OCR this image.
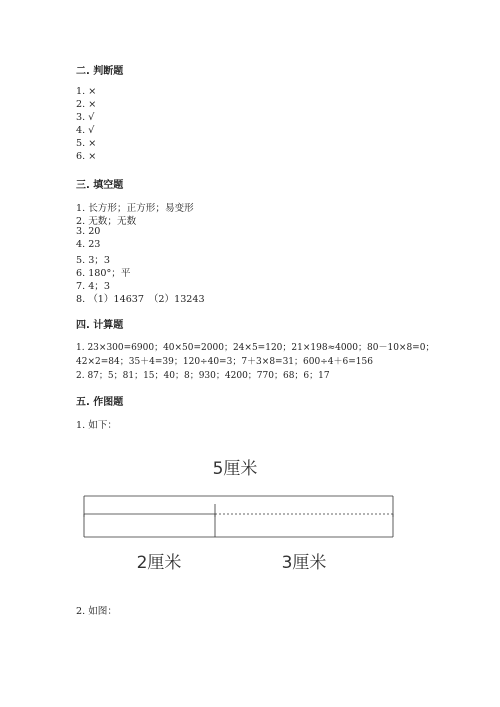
二. 判断题
1. ×
2. ×
3. √
4. √
5. ×
6. ×
三. 填空题
1. 长方形；正方形；易变形
2. 无数；无数
3. 20
4. 23
5. 3；3
6. 180°；平
7. 4；3
8. （1）14637　（2）13243
四. 计算题
1. 23×300=6900；40×50=2000；24×5=120；21×198≈4000；80－10×8=0；
42×2=84；35＋4=39；120÷40=3；7＋3×8=31；600÷4＋6=156
2. 87；5；81；15；40；8；930；4200；770；68；6；17
五. 作图题
1. 如下：
5厘米
2厘米	3厘米
2. 如图：
